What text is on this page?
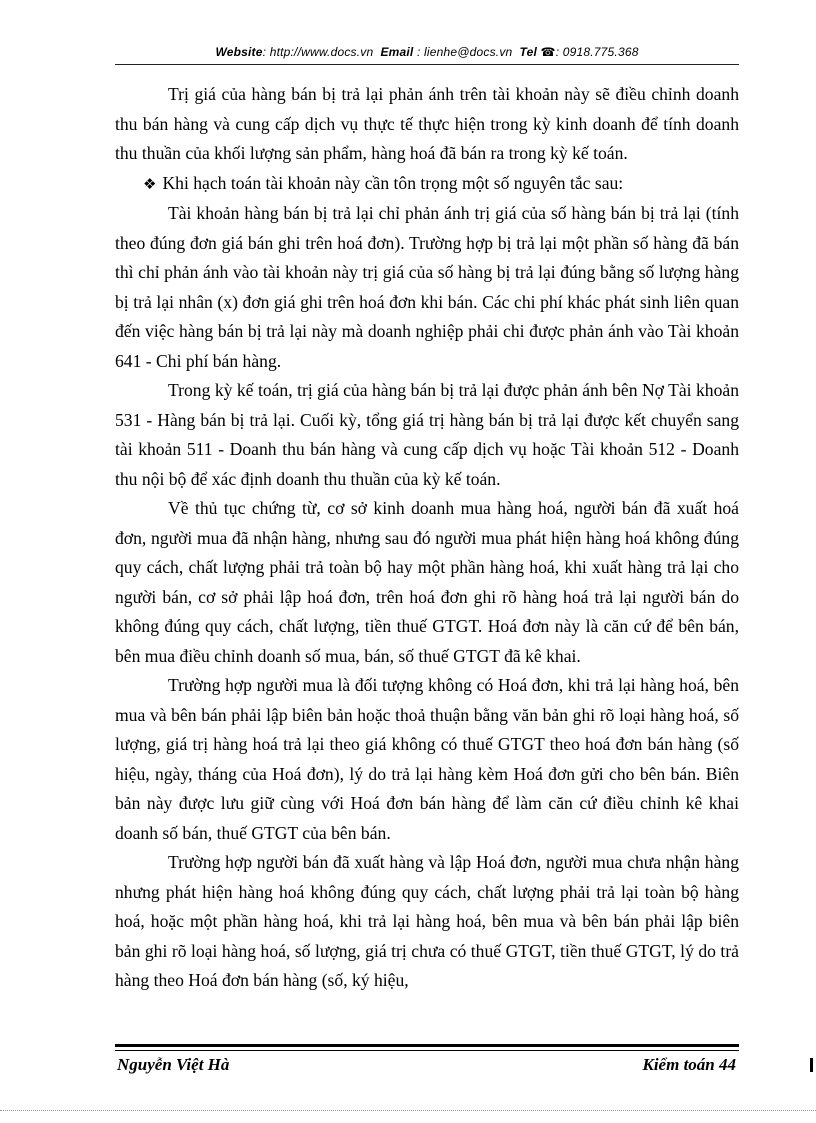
Website: http://www.docs.vn Email : lienhe@docs.vn Tel ☎: 0918.775.368

Trị giá của hàng bán bị trả lại phản ánh trên tài khoản này sẽ điều chỉnh doanh thu bán hàng và cung cấp dịch vụ thực tế thực hiện trong kỳ kinh doanh để tính doanh thu thuần của khối lượng sản phẩm, hàng hoá đã bán ra trong kỳ kế toán.

❖ Khi hạch toán tài khoản này cần tôn trọng một số nguyên tắc sau:

Tài khoản hàng bán bị trả lại chỉ phản ánh trị giá của số hàng bán bị trả lại (tính theo đúng đơn giá bán ghi trên hoá đơn). Trường hợp bị trả lại một phần số hàng đã bán thì chỉ phản ánh vào tài khoản này trị giá của số hàng bị trả lại đúng bằng số lượng hàng bị trả lại nhân (x) đơn giá ghi trên hoá đơn khi bán. Các chi phí khác phát sinh liên quan đến việc hàng bán bị trả lại này mà doanh nghiệp phải chi được phản ánh vào Tài khoản 641 - Chi phí bán hàng.

Trong kỳ kế toán, trị giá của hàng bán bị trả lại được phản ánh bên Nợ Tài khoản 531 - Hàng bán bị trả lại. Cuối kỳ, tổng giá trị hàng bán bị trả lại được kết chuyển sang tài khoản 511 - Doanh thu bán hàng và cung cấp dịch vụ hoặc Tài khoản 512 - Doanh thu nội bộ để xác định doanh thu thuần của kỳ kế toán.

Về thủ tục chứng từ, cơ sở kinh doanh mua hàng hoá, người bán đã xuất hoá đơn, người mua đã nhận hàng, nhưng sau đó người mua phát hiện hàng hoá không đúng quy cách, chất lượng phải trả toàn bộ hay một phần hàng hoá, khi xuất hàng trả lại cho người bán, cơ sở phải lập hoá đơn, trên hoá đơn ghi rõ hàng hoá trả lại người bán do không đúng quy cách, chất lượng, tiền thuế GTGT. Hoá đơn này là căn cứ để bên bán, bên mua điều chỉnh doanh số mua, bán, số thuế GTGT đã kê khai.

Trường hợp người mua là đối tượng không có Hoá đơn, khi trả lại hàng hoá, bên mua và bên bán phải lập biên bản hoặc thoả thuận bằng văn bản ghi rõ loại hàng hoá, số lượng, giá trị hàng hoá trả lại theo giá không có thuế GTGT theo hoá đơn bán hàng (số hiệu, ngày, tháng của Hoá đơn), lý do trả lại hàng kèm Hoá đơn gửi cho bên bán. Biên bản này được lưu giữ cùng với Hoá đơn bán hàng để làm căn cứ điều chỉnh kê khai doanh số bán, thuế GTGT của bên bán.

Trường hợp người bán đã xuất hàng và lập Hoá đơn, người mua chưa nhận hàng nhưng phát hiện hàng hoá không đúng quy cách, chất lượng phải trả lại toàn bộ hàng hoá, hoặc một phần hàng hoá, khi trả lại hàng hoá, bên mua và bên bán phải lập biên bản ghi rõ loại hàng hoá, số lượng, giá trị chưa có thuế GTGT, tiền thuế GTGT, lý do trả hàng theo Hoá đơn bán hàng (số, ký hiệu,

Nguyễn Việt Hà	Kiểm toán 44
